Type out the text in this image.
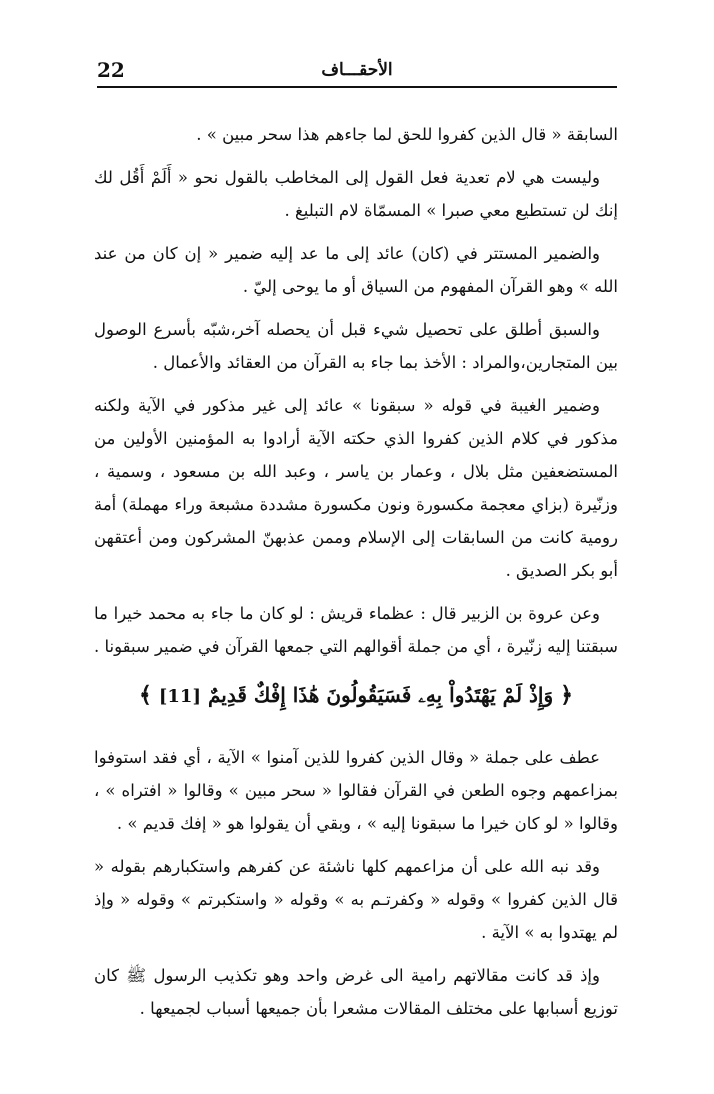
22	الأحقـــاف

السابقة « قال الذين كفروا للحق لما جاءهم هذا سحر مبين » .

وليست هي لام تعدية فعل القول إلى المخاطب بالقول نحو « أَلَمْ أَقُل لك إنك لن تستطيع معي صبرا » المسمّاة لام التبليغ .

والضمير المستتر في (كان) عائد إلى ما عد إليه ضمير « إن كان من عند الله » وهو القرآن المفهوم من السياق أو ما يوحى إليّ .

والسبق أطلق على تحصيل شيء قبل أن يحصله آخر،شبّه بأسرع الوصول بين المتجارين،والمراد : الأخذ بما جاء به القرآن من العقائد والأعمال .

وضمير الغيبة في قوله « سبقونا » عائد إلى غير مذكور في الآية ولكنه مذكور في كلام الذين كفروا الذي حكته الآية أرادوا به المؤمنين الأولين من المستضعفين مثل بلال ، وعمار بن ياسر ، وعبد الله بن مسعود ، وسمية ، وزنّيرة (بزاي معجمة مكسورة ونون مكسورة مشددة مشبعة وراء مهملة) أمة رومية كانت من السابقات إلى الإسلام وممن عذبهنّ المشركون ومن أعتقهن أبو بكر الصديق .

وعن عروة بن الزبير قال : عظماء قريش : لو كان ما جاء به محمد خيرا ما سبقتنا إليه زنّيرة ، أي من جملة أقوالهم التي جمعها القرآن في ضمير سبقونا .

﴿ وَإِذْ لَمْ يَهْتَدُواْ بِهِۦ فَسَيَقُولُونَ هَٰذَا إِفْكٌ قَدِيمٌ [11] ﴾

عطف على جملة « وقال الذين كفروا للذين آمنوا » الآية ، أي فقد استوفوا بمزاعمهم وجوه الطعن في القرآن فقالوا « سحر مبين » وقالوا « افتراه » ، وقالوا « لو كان خيرا ما سبقونا إليه » ، وبقي أن يقولوا هو « إفك قديم » .

وقد نبه الله على أن مزاعمهم كلها ناشئة عن كفرهم واستكبارهم بقوله « قال الذين كفروا » وقوله « وكفرتـم به » وقوله « واستكبرتم » وقوله « وإذ لم يهتدوا به » الآية .

وإذ قد كانت مقالاتهم رامية الى غرض واحد وهو تكذيب الرسول ﷺ كان توزيع أسبابها على مختلف المقالات مشعرا بأن جميعها أسباب لجميعها .
